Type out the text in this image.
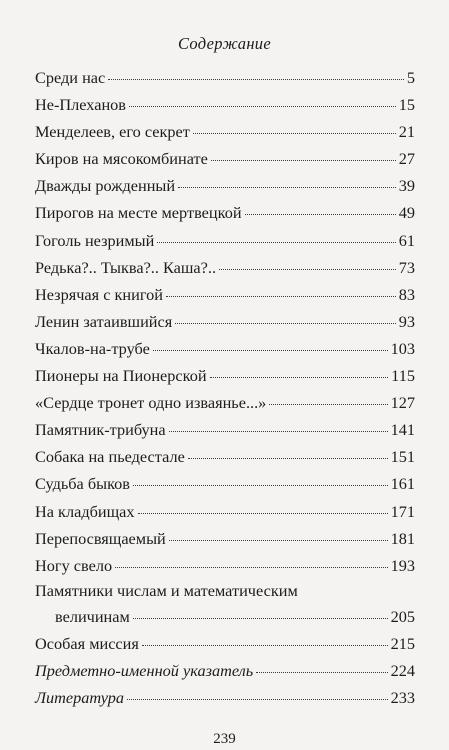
Содержание
Среди нас	5
Не-Плеханов	15
Менделеев, его секрет	21
Киров на мясокомбинате	27
Дважды рожденный	39
Пирогов на месте мертвецкой	49
Гоголь незримый	61
Редька?.. Тыква?.. Каша?..	73
Незрячая с книгой	83
Ленин затаившийся	93
Чкалов-на-трубе	103
Пионеры на Пионерской	115
«Сердце тронет одно изваянье...»	127
Памятник-трибуна	141
Собака на пьедестале	151
Судьба быков	161
На кладбищах	171
Перепосвящаемый	181
Ногу свело	193
Памятники числам и математическим
величинам	205
Особая миссия	215
Предметно-именной указатель	224
Литература	233
239
